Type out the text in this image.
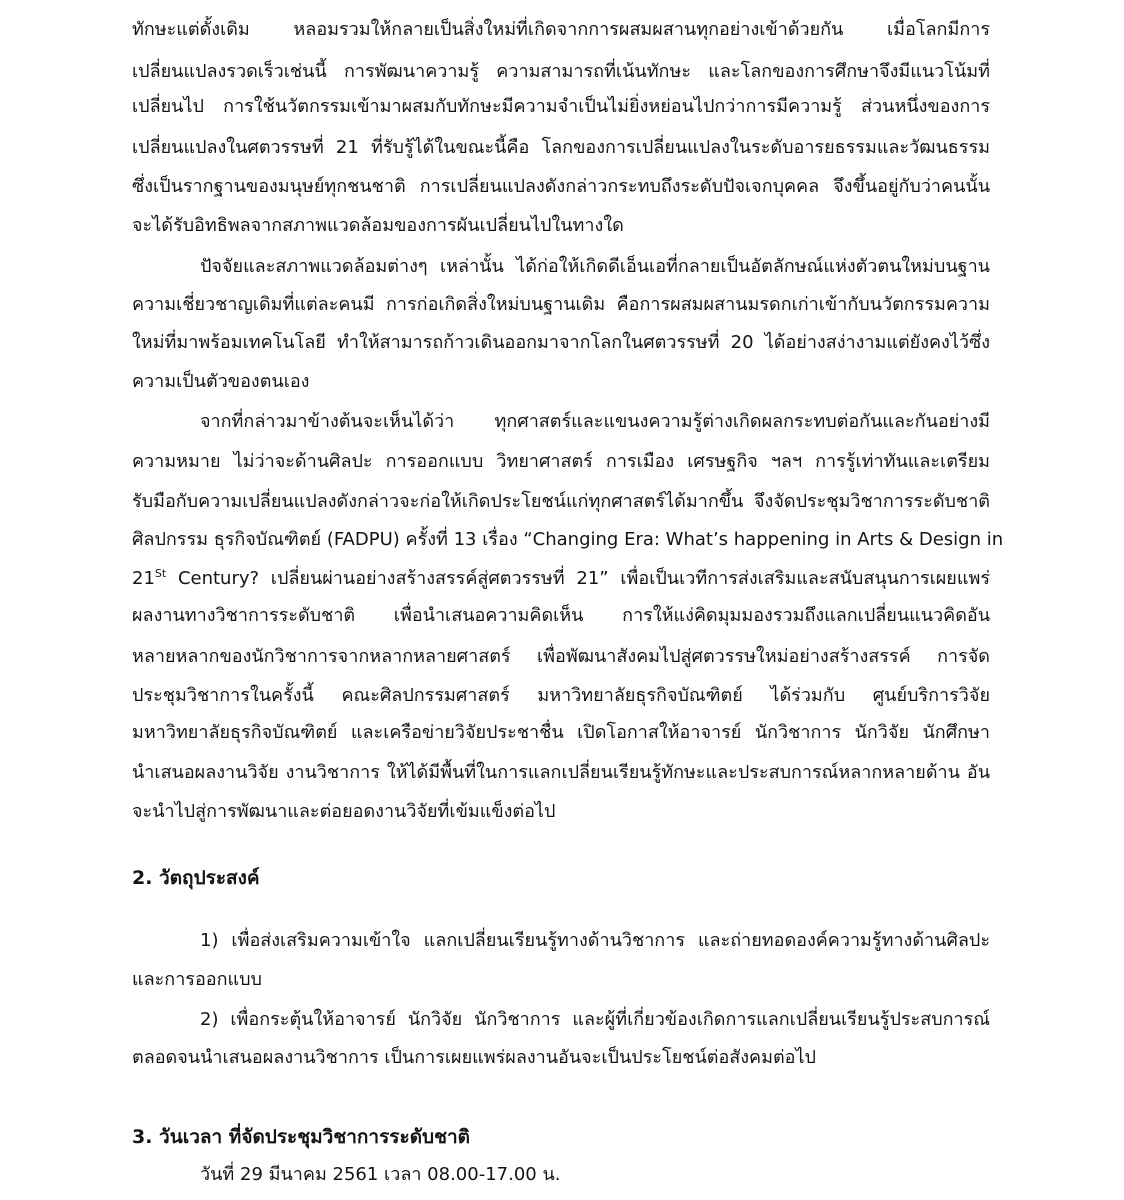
ทักษะแต่ดั้งเดิม หลอมรวมให้กลายเป็นสิ่งใหม่ที่เกิดจากการผสมผสานทุกอย่างเข้าด้วยกัน เมื่อโลกมีการ
เปลี่ยนแปลงรวดเร็วเช่นนี้ การพัฒนาความรู้ ความสามารถที่เน้นทักษะ และโลกของการศึกษาจึงมีแนวโน้มที่
เปลี่ยนไป การใช้นวัตกรรมเข้ามาผสมกับทักษะมีความจำเป็นไม่ยิ่งหย่อนไปกว่าการมีความรู้ ส่วนหนึ่งของการ
เปลี่ยนแปลงในศตวรรษที่ 21 ที่รับรู้ได้ในขณะนี้คือ โลกของการเปลี่ยนแปลงในระดับอารยธรรมและวัฒนธรรม
ซึ่งเป็นรากฐานของมนุษย์ทุกชนชาติ การเปลี่ยนแปลงดังกล่าวกระทบถึงระดับปัจเจกบุคคล จึงขึ้นอยู่กับว่าคนนั้น
จะได้รับอิทธิพลจากสภาพแวดล้อมของการผันเปลี่ยนไปในทางใด
ปัจจัยและสภาพแวดล้อมต่างๆ เหล่านั้น ได้ก่อให้เกิดดีเอ็นเอที่กลายเป็นอัตลักษณ์แห่งตัวตนใหม่บนฐาน
ความเชี่ยวชาญเดิมที่แต่ละคนมี การก่อเกิดสิ่งใหม่บนฐานเดิม คือการผสมผสานมรดกเก่าเข้ากับนวัตกรรมความ
ใหม่ที่มาพร้อมเทคโนโลยี ทำให้สามารถก้าวเดินออกมาจากโลกในศตวรรษที่ 20 ได้อย่างสง่างามแต่ยังคงไว้ซึ่ง
ความเป็นตัวของตนเอง
จากที่กล่าวมาข้างต้นจะเห็นได้ว่า ทุกศาสตร์และแขนงความรู้ต่างเกิดผลกระทบต่อกันและกันอย่างมี
ความหมาย ไม่ว่าจะด้านศิลปะ การออกแบบ วิทยาศาสตร์ การเมือง เศรษฐกิจ ฯลฯ การรู้เท่าทันและเตรียม
รับมือกับความเปลี่ยนแปลงดังกล่าวจะก่อให้เกิดประโยชน์แก่ทุกศาสตร์ได้มากขึ้น จึงจัดประชุมวิชาการระดับชาติ
ศิลปกรรม ธุรกิจบัณฑิตย์ (FADPU) ครั้งที่ 13 เรื่อง “Changing Era: What’s happening in Arts & Design in
21St Century? เปลี่ยนผ่านอย่างสร้างสรรค์สู่ศตวรรษที่ 21” เพื่อเป็นเวทีการส่งเสริมและสนับสนุนการเผยแพร่
ผลงานทางวิชาการระดับชาติ เพื่อนำเสนอความคิดเห็น การให้แง่คิดมุมมองรวมถึงแลกเปลี่ยนแนวคิดอัน
หลายหลากของนักวิชาการจากหลากหลายศาสตร์ เพื่อพัฒนาสังคมไปสู่ศตวรรษใหม่อย่างสร้างสรรค์ การจัด
ประชุมวิชาการในครั้งนี้ คณะศิลปกรรมศาสตร์ มหาวิทยาลัยธุรกิจบัณฑิตย์ ได้ร่วมกับ ศูนย์บริการวิจัย
มหาวิทยาลัยธุรกิจบัณฑิตย์ และเครือข่ายวิจัยประชาชื่น เปิดโอกาสให้อาจารย์ นักวิชาการ นักวิจัย นักศึกษา
นำเสนอผลงานวิจัย งานวิชาการ ให้ได้มีพื้นที่ในการแลกเปลี่ยนเรียนรู้ทักษะและประสบการณ์หลากหลายด้าน อัน
จะนำไปสู่การพัฒนาและต่อยอดงานวิจัยที่เข้มแข็งต่อไป
2. วัตถุประสงค์
1) เพื่อส่งเสริมความเข้าใจ แลกเปลี่ยนเรียนรู้ทางด้านวิชาการ และถ่ายทอดองค์ความรู้ทางด้านศิลปะ
และการออกแบบ
2) เพื่อกระตุ้นให้อาจารย์ นักวิจัย นักวิชาการ และผู้ที่เกี่ยวข้องเกิดการแลกเปลี่ยนเรียนรู้ประสบการณ์
ตลอดจนนำเสนอผลงานวิชาการ เป็นการเผยแพร่ผลงานอันจะเป็นประโยชน์ต่อสังคมต่อไป
3. วันเวลา ที่จัดประชุมวิชาการระดับชาติ
วันที่ 29 มีนาคม 2561 เวลา 08.00-17.00 น.
